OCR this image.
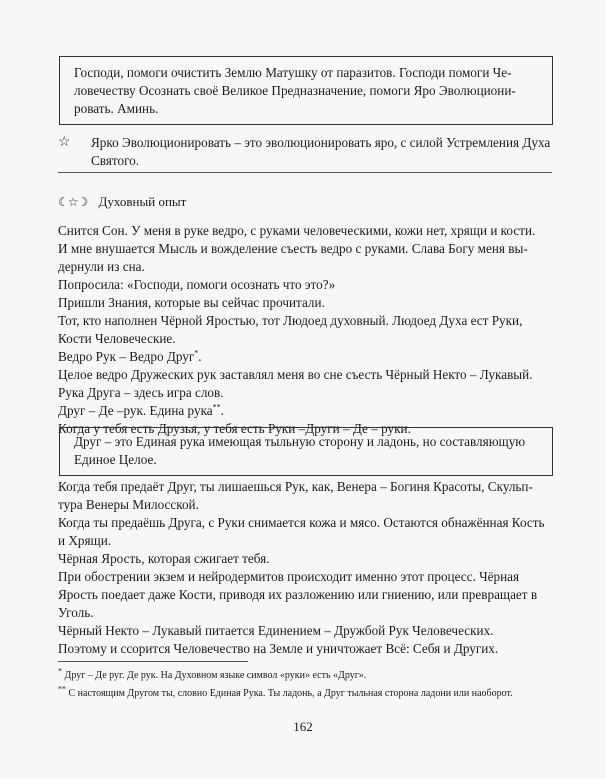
Господи, помоги очистить Землю Матушку от паразитов. Господи помоги Че-
ловечеству Осознать своё Великое Предназначение, помоги Яро Эволюциони-
ровать. Аминь.
☆ Ярко Эволюционировать – это эволюционировать яро, с силой Устремления Духа
Святого.
☾☆☽ Духовный опыт

Снится Сон. У меня в руке ведро, с руками человеческими, кожи нет, хрящи и кости.

И мне внушается Мысль и вожделение съесть ведро с руками. Слава Богу меня вы-

дернули из сна.

Попросила: «Господи, помоги осознать что это?»

Пришли Знания, которые вы сейчас прочитали.

Тот, кто наполнен Чёрной Яростью, тот Людоед духовный. Людоед Духа ест Руки,

Кости Человеческие.

Ведро Рук – Ведро Друг*.

Целое ведро Дружеских рук заставлял меня во сне съесть Чёрный Некто – Лукавый.

Рука Друга – здесь игра слов.

Друг – Де –рук. Едина рука**.

Когда у тебя есть Друзья, у тебя есть Руки –Други – Де – руки.

Друг – это Единая рука имеющая тыльную сторону и ладонь, но составляющую
Единое Целое.

Когда тебя предаёт Друг, ты лишаешься Рук, как, Венера – Богиня Красоты, Скульп-

тура Венеры Милосской.

Когда ты предаёшь Друга, с Руки снимается кожа и мясо. Остаются обнажённая Кость

и Хрящи.

Чёрная Ярость, которая сжигает тебя.

При обострении экзем и нейродермитов происходит именно этот процесс. Чёрная

Ярость поедает даже Кости, приводя их разложению или гниению, или превращает в

Уголь.

Чёрный Некто – Лукавый питается Единением – Дружбой Рук Человеческих.

Поэтому и ссорится Человечество на Земле и уничтожает Всё: Себя и Других.

* Друг – Де руг. Де рук. На Духовном языке символ «руки» есть «Друг».
** С настоящим Другом ты, словно Единая Рука. Ты ладонь, а Друг тыльная сторона ладони или наоборот.
162
